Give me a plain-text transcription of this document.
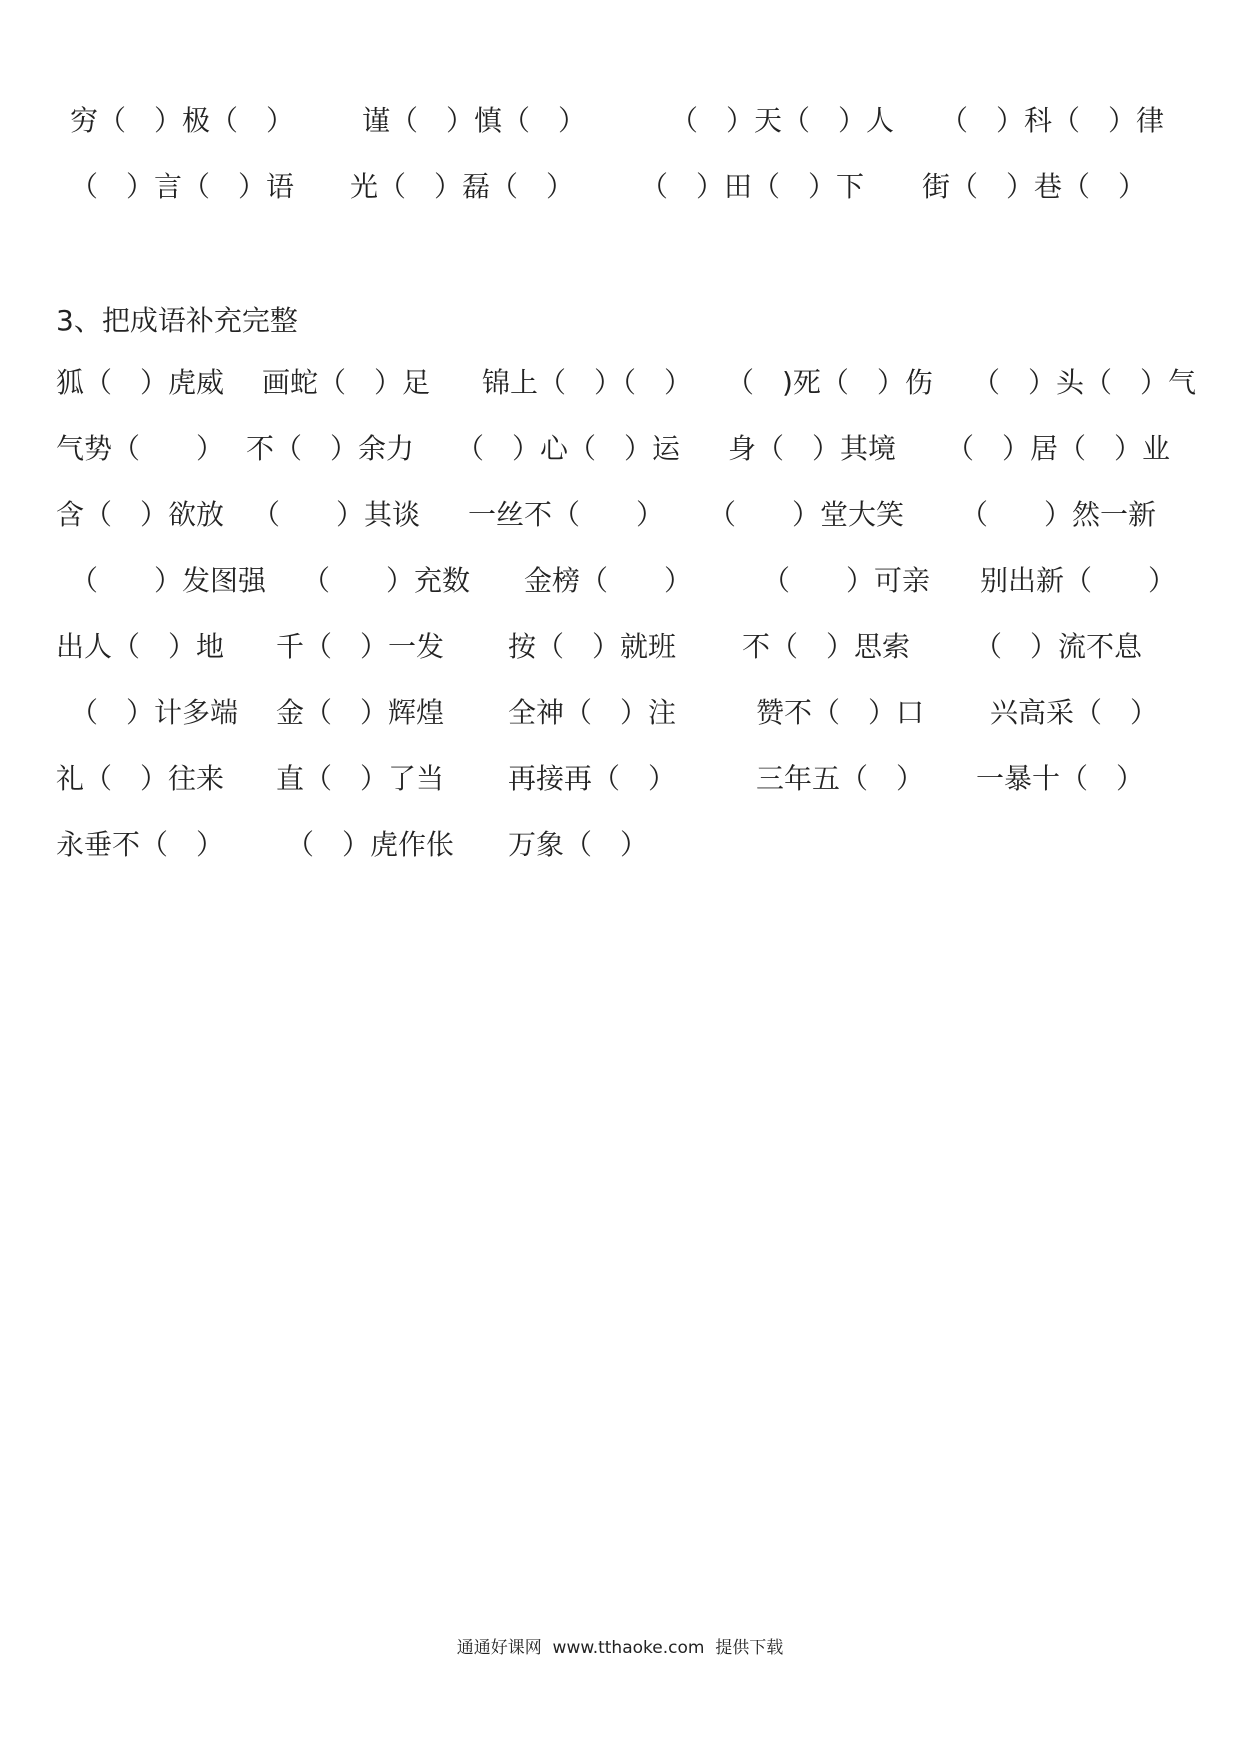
穷（　）极（　） 谨（　）慎（　）	（　）天（　）人 （　）科（　）律
（　）言（　）语 光（　）磊（　） （　）田（　）下 街（　）巷（　）
3、把成语补充完整
狐（　）虎威 画蛇（　）足 锦上（　）（　） （　)死（　）伤 （　）头（　）气
气势（　　） 不（　）余力 （　）心（　）运 身（　）其境 （　）居（　）业
含（　）欲放 （　　）其谈 一丝不（　　） （　　）堂大笑 （　　）然一新
（　　）发图强 （　　）充数 金榜（　　） （　　）可亲 别出新（　　）
出人（　）地 千（　）一发 按（　）就班 不（　）思索 （　）流不息
（　）计多端 金（　）辉煌 全神（　）注	赞不（　）口 兴高采（　）
礼（　）往来 直（　）了当 再接再（　）	三年五（　） 一暴十（　）
永垂不（　） （　）虎作伥 万象（　）
通通好课网  www.tthaoke.com  提供下载
